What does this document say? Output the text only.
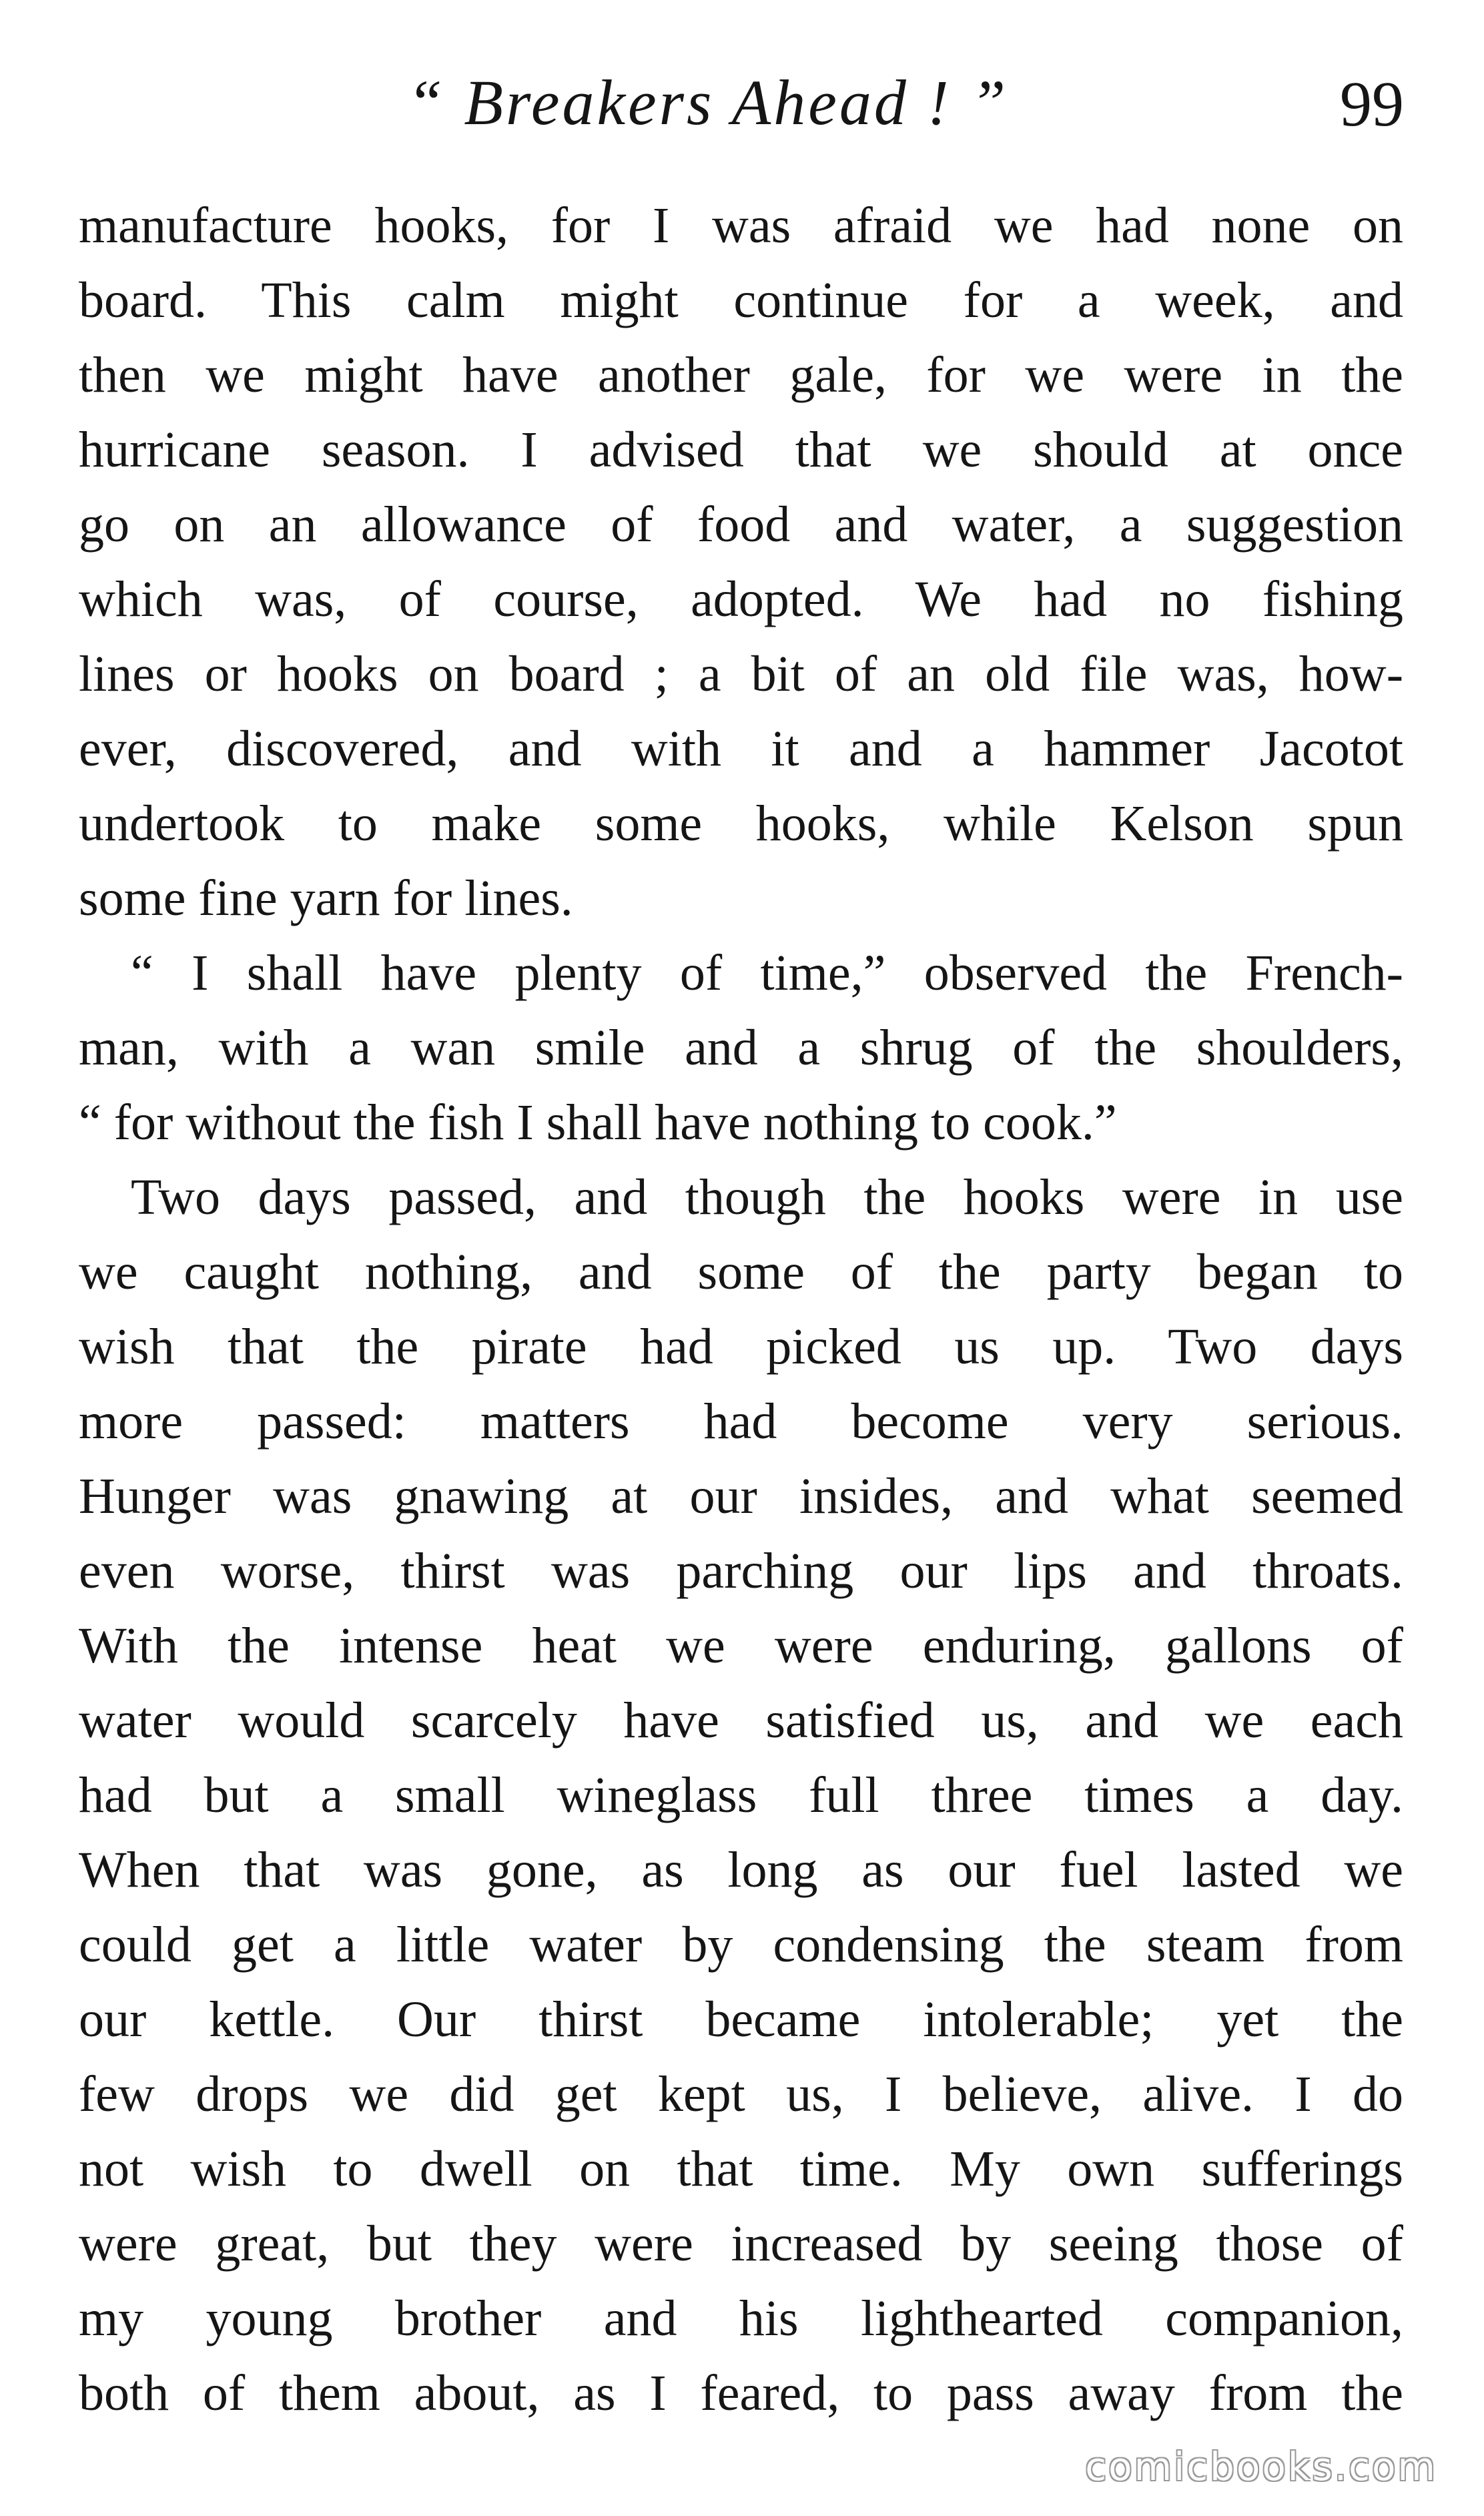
“ Breakers Ahead ! ”	99
manufacture hooks, for I was afraid we had none on
board. This calm might continue for a week, and
then we might have another gale, for we were in the
hurricane season. I advised that we should at once
go on an allowance of food and water, a suggestion
which was, of course, adopted. We had no fishing
lines or hooks on board ; a bit of an old file was, how-
ever, discovered, and with it and a hammer Jacotot
undertook to make some hooks, while Kelson spun
some fine yarn for lines.
“ I shall have plenty of time,” observed the French-
man, with a wan smile and a shrug of the shoulders,
“ for without the fish I shall have nothing to cook.”
Two days passed, and though the hooks were in use
we caught nothing, and some of the party began to
wish that the pirate had picked us up. Two days
more passed: matters had become very serious.
Hunger was gnawing at our insides, and what seemed
even worse, thirst was parching our lips and throats.
With the intense heat we were enduring, gallons of
water would scarcely have satisfied us, and we each
had but a small wineglass full three times a day.
When that was gone, as long as our fuel lasted we
could get a little water by condensing the steam from
our kettle. Our thirst became intolerable; yet the
few drops we did get kept us, I believe, alive. I do
not wish to dwell on that time. My own sufferings
were great, but they were increased by seeing those of
my young brother and his lighthearted companion,
both of them about, as I feared, to pass away from the
comicbooks.com
